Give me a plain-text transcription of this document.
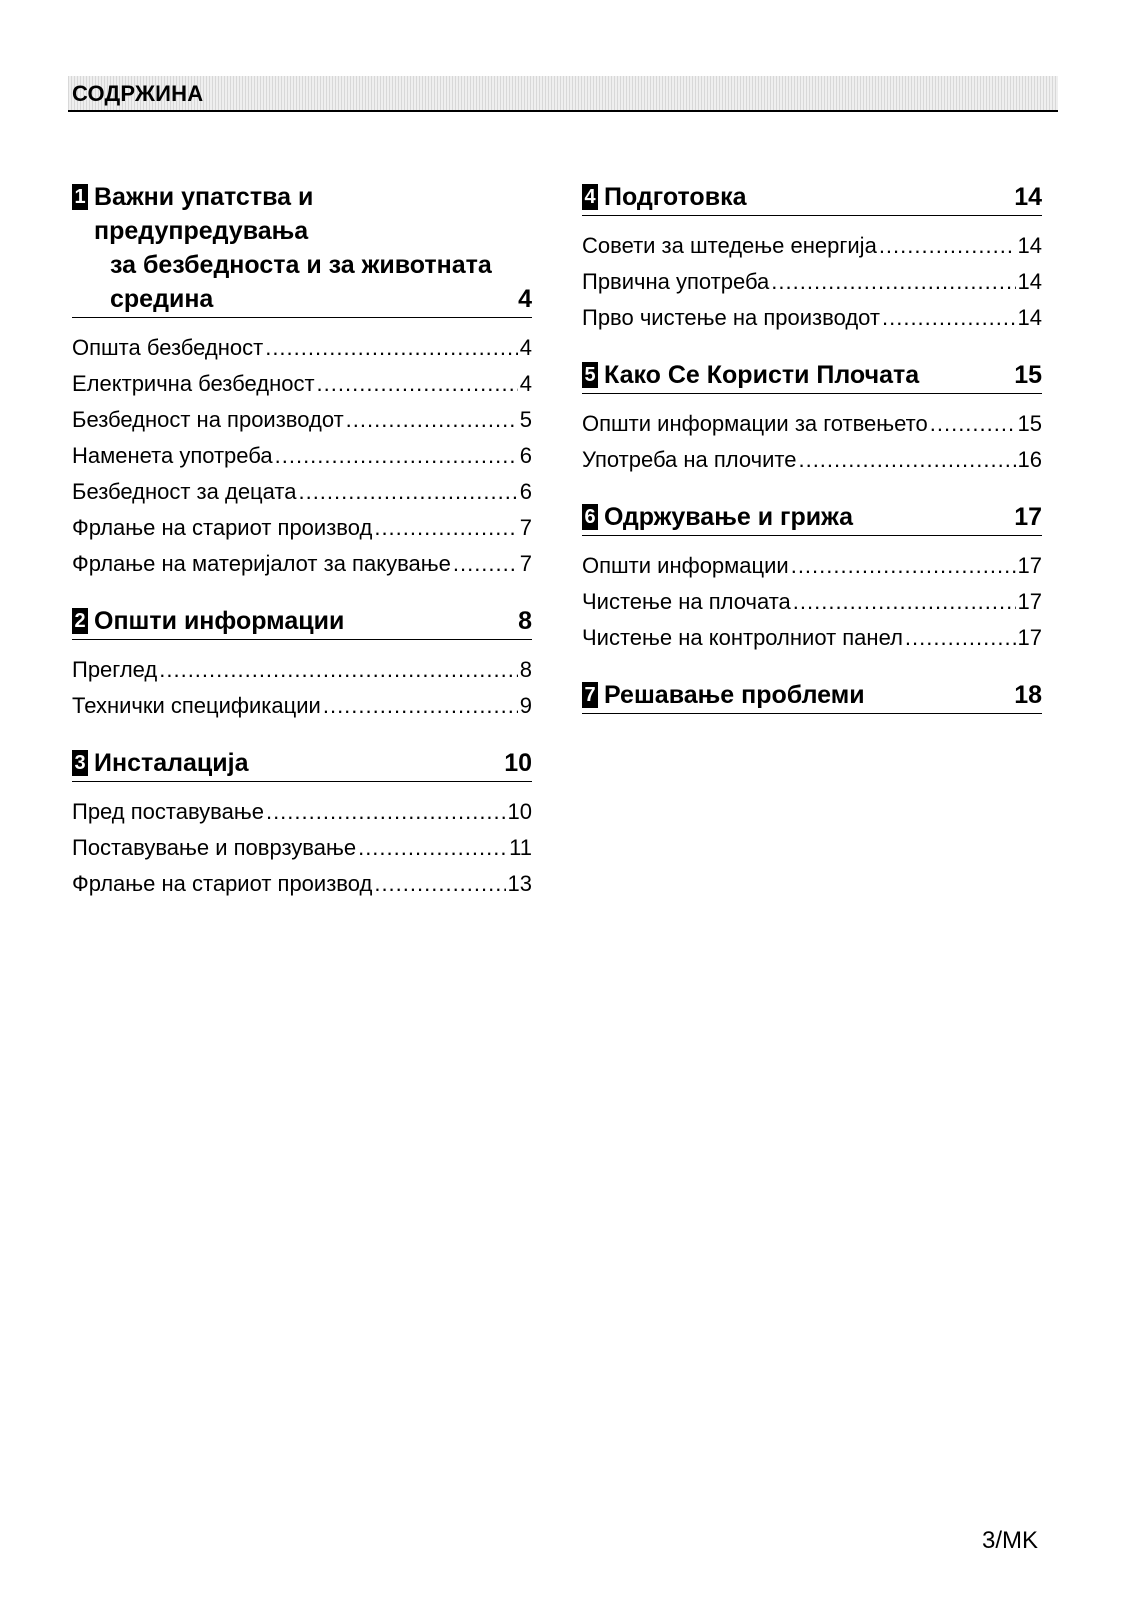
СОДРЖИНА
1 Важни упатства и предупредувања
за безбедноста и за животната
средина	4
Општа безбедност .....	4
Електрична безбедност .....	4
Безбедност на производот .....	5
Наменета употреба .....	6
Безбедност за децата .....	6
Фрлање на стариот производ .....	7
Фрлање на материјалот за пакување .....	7
2 Општи информации	8
Преглед .....	8
Технички спецификации .....	9
3 Инсталација	10
Пред поставување .....	10
Поставување и поврзување .....	11
Фрлање на стариот производ .....	13
4 Подготовка	14
Совети за штедење енергија .....	14
Првична употреба .....	14
Прво чистење на производот .....	14
5 Како Се Користи Плочата	15
Општи информации за готвењето .....	15
Употреба на плочите .....	16
6 Одржување и грижа	17
Општи информации .....	17
Чистење на плочата .....	17
Чистење на контролниот панел .....	17
7 Решавање проблеми	18
3/MK
